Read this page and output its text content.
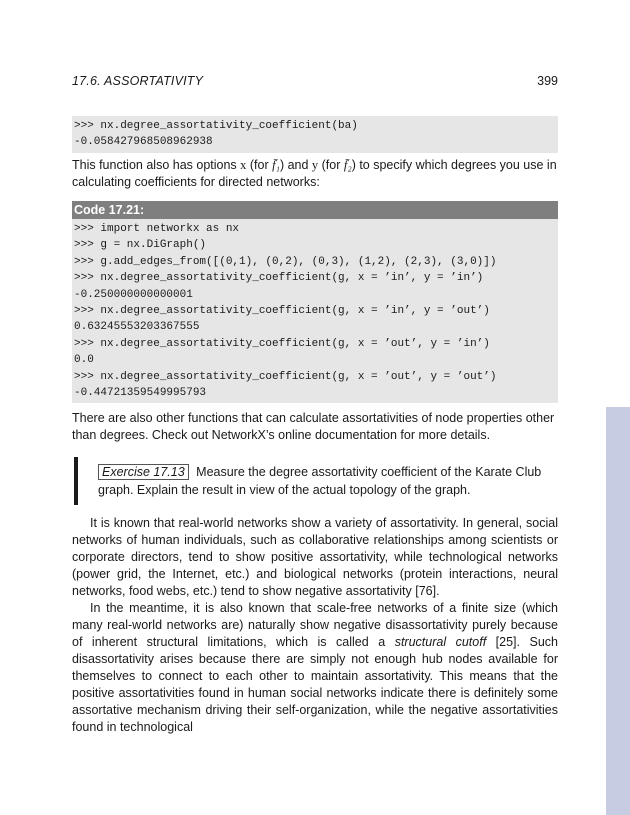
17.6. ASSORTATIVITY	399
>>> nx.degree_assortativity_coefficient(ba)
-0.058427968508962938

This function also has options x (for f̄₁) and y (for f̄₂) to specify which degrees you use in calculating coefficients for directed networks:

Code 17.21:
>>> import networkx as nx
>>> g = nx.DiGraph()
>>> g.add_edges_from([(0,1), (0,2), (0,3), (1,2), (2,3), (3,0)])
>>> nx.degree_assortativity_coefficient(g, x = ’in’, y = ’in’)
-0.250000000000001
>>> nx.degree_assortativity_coefficient(g, x = ’in’, y = ’out’)
0.63245553203367555
>>> nx.degree_assortativity_coefficient(g, x = ’out’, y = ’in’)
0.0
>>> nx.degree_assortativity_coefficient(g, x = ’out’, y = ’out’)
-0.44721359549995793

There are also other functions that can calculate assortativities of node properties other than degrees. Check out NetworkX’s online documentation for more details.

Exercise 17.13 Measure the degree assortativity coefficient of the Karate Club graph. Explain the result in view of the actual topology of the graph.

It is known that real-world networks show a variety of assortativity. In general, social networks of human individuals, such as collaborative relationships among scientists or corporate directors, tend to show positive assortativity, while technological networks (power grid, the Internet, etc.) and biological networks (protein interactions, neural networks, food webs, etc.) tend to show negative assortativity [76].

In the meantime, it is also known that scale-free networks of a finite size (which many real-world networks are) naturally show negative disassortativity purely because of inherent structural limitations, which is called a structural cutoff [25]. Such disassortativity arises because there are simply not enough hub nodes available for themselves to connect to each other to maintain assortativity. This means that the positive assortativities found in human social networks indicate there is definitely some assortative mechanism driving their self-organization, while the negative assortativities found in technological
